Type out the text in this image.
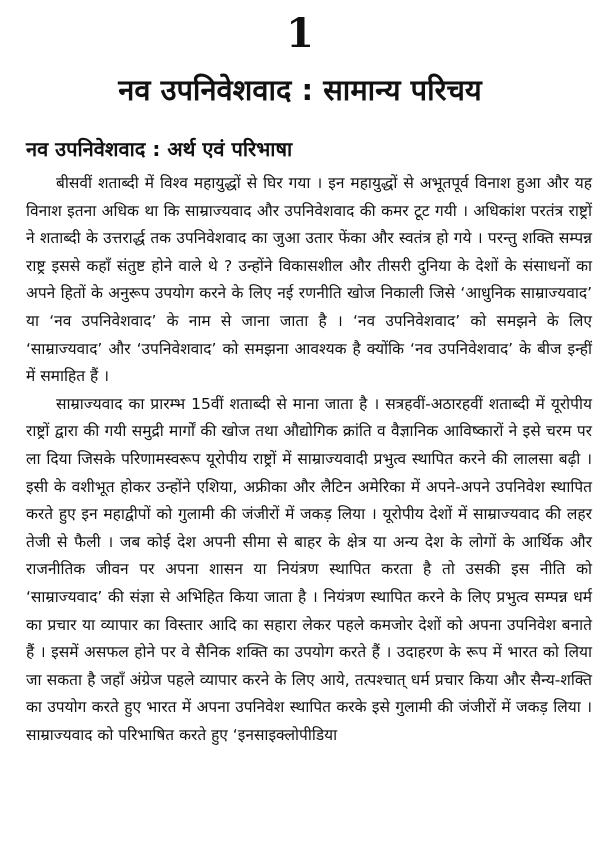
1
नव उपनिवेशवाद : सामान्य परिचय
नव उपनिवेशवाद : अर्थ एवं परिभाषा

बीसवीं शताब्दी में विश्व महायुद्धों से घिर गया । इन महायुद्धों से अभूतपूर्व विनाश हुआ और यह विनाश इतना अधिक था कि साम्राज्यवाद और उपनिवेशवाद की कमर टूट गयी । अधिकांश परतंत्र राष्ट्रों ने शताब्दी के उत्तरार्द्ध तक उपनिवेशवाद का जुआ उतार फेंका और स्वतंत्र हो गये । परन्तु शक्ति सम्पन्न राष्ट्र इससे कहाँ संतुष्ट होने वाले थे ? उन्होंने विकासशील और तीसरी दुनिया के देशों के संसाधनों का अपने हितों के अनुरूप उपयोग करने के लिए नई रणनीति खोज निकाली जिसे ‘आधुनिक साम्राज्यवाद’ या ‘नव उपनिवेशवाद’ के नाम से जाना जाता है । ‘नव उपनिवेशवाद’ को समझने के लिए ‘साम्राज्यवाद’ और ‘उपनिवेशवाद’ को समझना आवश्यक है क्योंकि ‘नव उपनिवेशवाद’ के बीज इन्हीं में समाहित हैं ।

साम्राज्यवाद का प्रारम्भ 15वीं शताब्दी से माना जाता है । सत्रहवीं-अठारहवीं शताब्दी में यूरोपीय राष्ट्रों द्वारा की गयी समुद्री मार्गों की खोज तथा औद्योगिक क्रांति व वैज्ञानिक आविष्कारों ने इसे चरम पर ला दिया जिसके परिणामस्वरूप यूरोपीय राष्ट्रों में साम्राज्यवादी प्रभुत्व स्थापित करने की लालसा बढ़ी । इसी के वशीभूत होकर उन्होंने एशिया, अफ्रीका और लैटिन अमेरिका में अपने-अपने उपनिवेश स्थापित करते हुए इन महाद्वीपों को गुलामी की जंजीरों में जकड़ लिया । यूरोपीय देशों में साम्राज्यवाद की लहर तेजी से फैली । जब कोई देश अपनी सीमा से बाहर के क्षेत्र या अन्य देश के लोगों के आर्थिक और राजनीतिक जीवन पर अपना शासन या नियंत्रण स्थापित करता है तो उसकी इस नीति को ‘साम्राज्यवाद’ की संज्ञा से अभिहित किया जाता है । नियंत्रण स्थापित करने के लिए प्रभुत्व सम्पन्न धर्म का प्रचार या व्यापार का विस्तार आदि का सहारा लेकर पहले कमजोर देशों को अपना उपनिवेश बनाते हैं । इसमें असफल होने पर वे सैनिक शक्ति का उपयोग करते हैं । उदाहरण के रूप में भारत को लिया जा सकता है जहाँ अंग्रेज पहले व्यापार करने के लिए आये, तत्पश्चात् धर्म प्रचार किया और सैन्य-शक्ति का उपयोग करते हुए भारत में अपना उपनिवेश स्थापित करके इसे गुलामी की जंजीरों में जकड़ लिया । साम्राज्यवाद को परिभाषित करते हुए ‘इनसाइक्लोपीडिया
